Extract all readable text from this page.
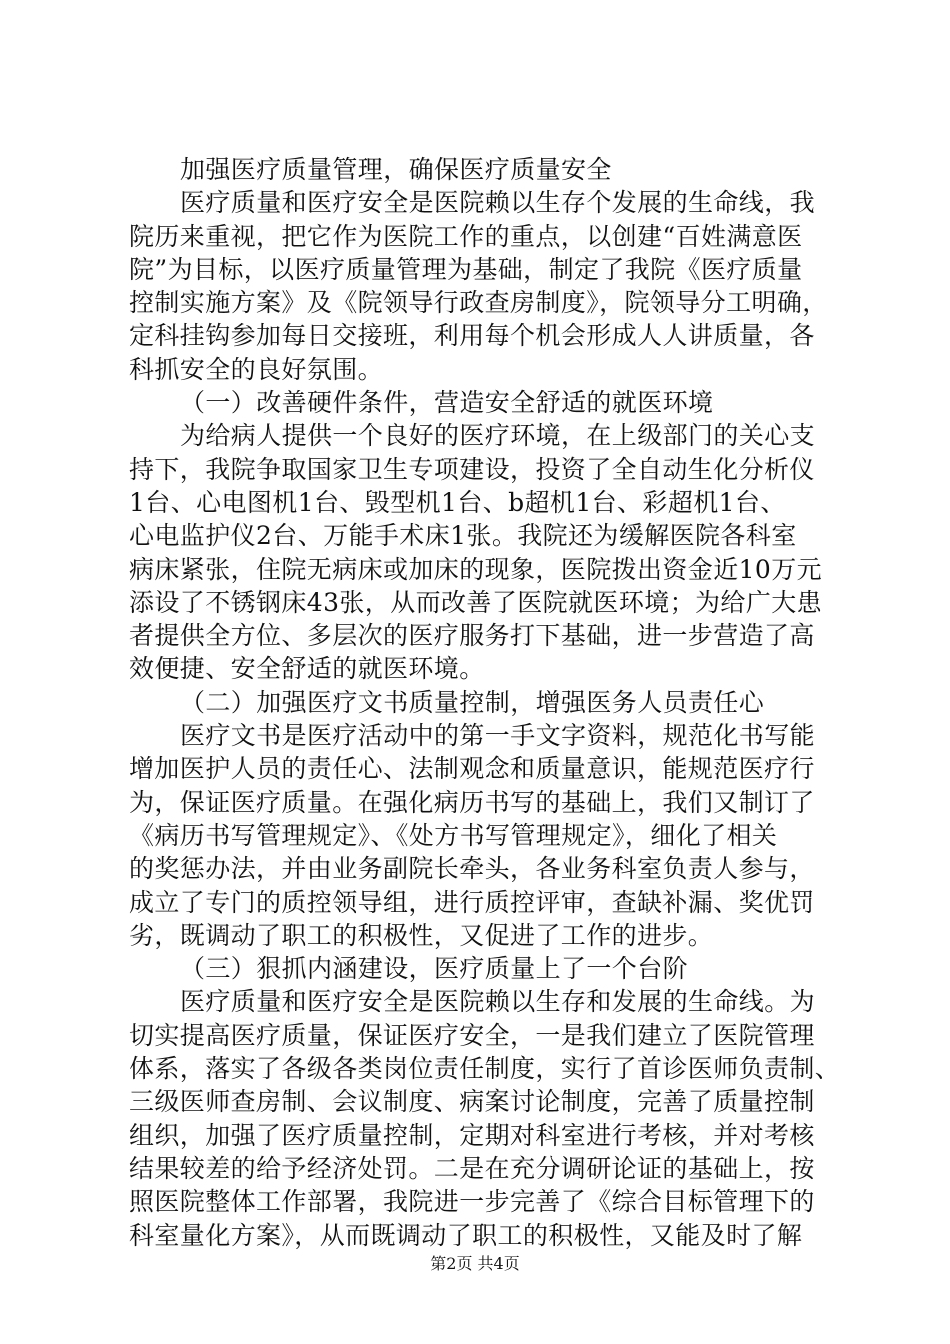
加强医疗质量管理，确保医疗质量安全
医疗质量和医疗安全是医院赖以生存个发展的生命线，我
院历来重视，把它作为医院工作的重点，以创建“百姓满意医
院”为目标，以医疗质量管理为基础，制定了我院《医疗质量
控制实施方案》及《院领导行政查房制度》，院领导分工明确，
定科挂钩参加每日交接班，利用每个机会形成人人讲质量，各
科抓安全的良好氛围。
（一）改善硬件条件，营造安全舒适的就医环境
为给病人提供一个良好的医疗环境，在上级部门的关心支
持下，我院争取国家卫生专项建设，投资了全自动生化分析仪
1台、心电图机1台、毁型机1台、b超机1台、彩超机1台、
心电监护仪2台、万能手术床1张。我院还为缓解医院各科室
病床紧张，住院无病床或加床的现象，医院拨出资金近10万元
添设了不锈钢床43张，从而改善了医院就医环境；为给广大患
者提供全方位、多层次的医疗服务打下基础，进一步营造了高
效便捷、安全舒适的就医环境。
（二）加强医疗文书质量控制，增强医务人员责任心
医疗文书是医疗活动中的第一手文字资料，规范化书写能
增加医护人员的责任心、法制观念和质量意识，能规范医疗行
为，保证医疗质量。在强化病历书写的基础上，我们又制订了
《病历书写管理规定》、《处方书写管理规定》，细化了相关
的奖惩办法，并由业务副院长牵头，各业务科室负责人参与，
成立了专门的质控领导组，进行质控评审，查缺补漏、奖优罚
劣，既调动了职工的积极性，又促进了工作的进步。
（三）狠抓内涵建设，医疗质量上了一个台阶
医疗质量和医疗安全是医院赖以生存和发展的生命线。为
切实提高医疗质量，保证医疗安全，一是我们建立了医院管理
体系，落实了各级各类岗位责任制度，实行了首诊医师负责制、
三级医师查房制、会议制度、病案讨论制度，完善了质量控制
组织，加强了医疗质量控制，定期对科室进行考核，并对考核
结果较差的给予经济处罚。二是在充分调研论证的基础上，按
照医院整体工作部署，我院进一步完善了《综合目标管理下的
科室量化方案》，从而既调动了职工的积极性，又能及时了解
第2页 共4页
